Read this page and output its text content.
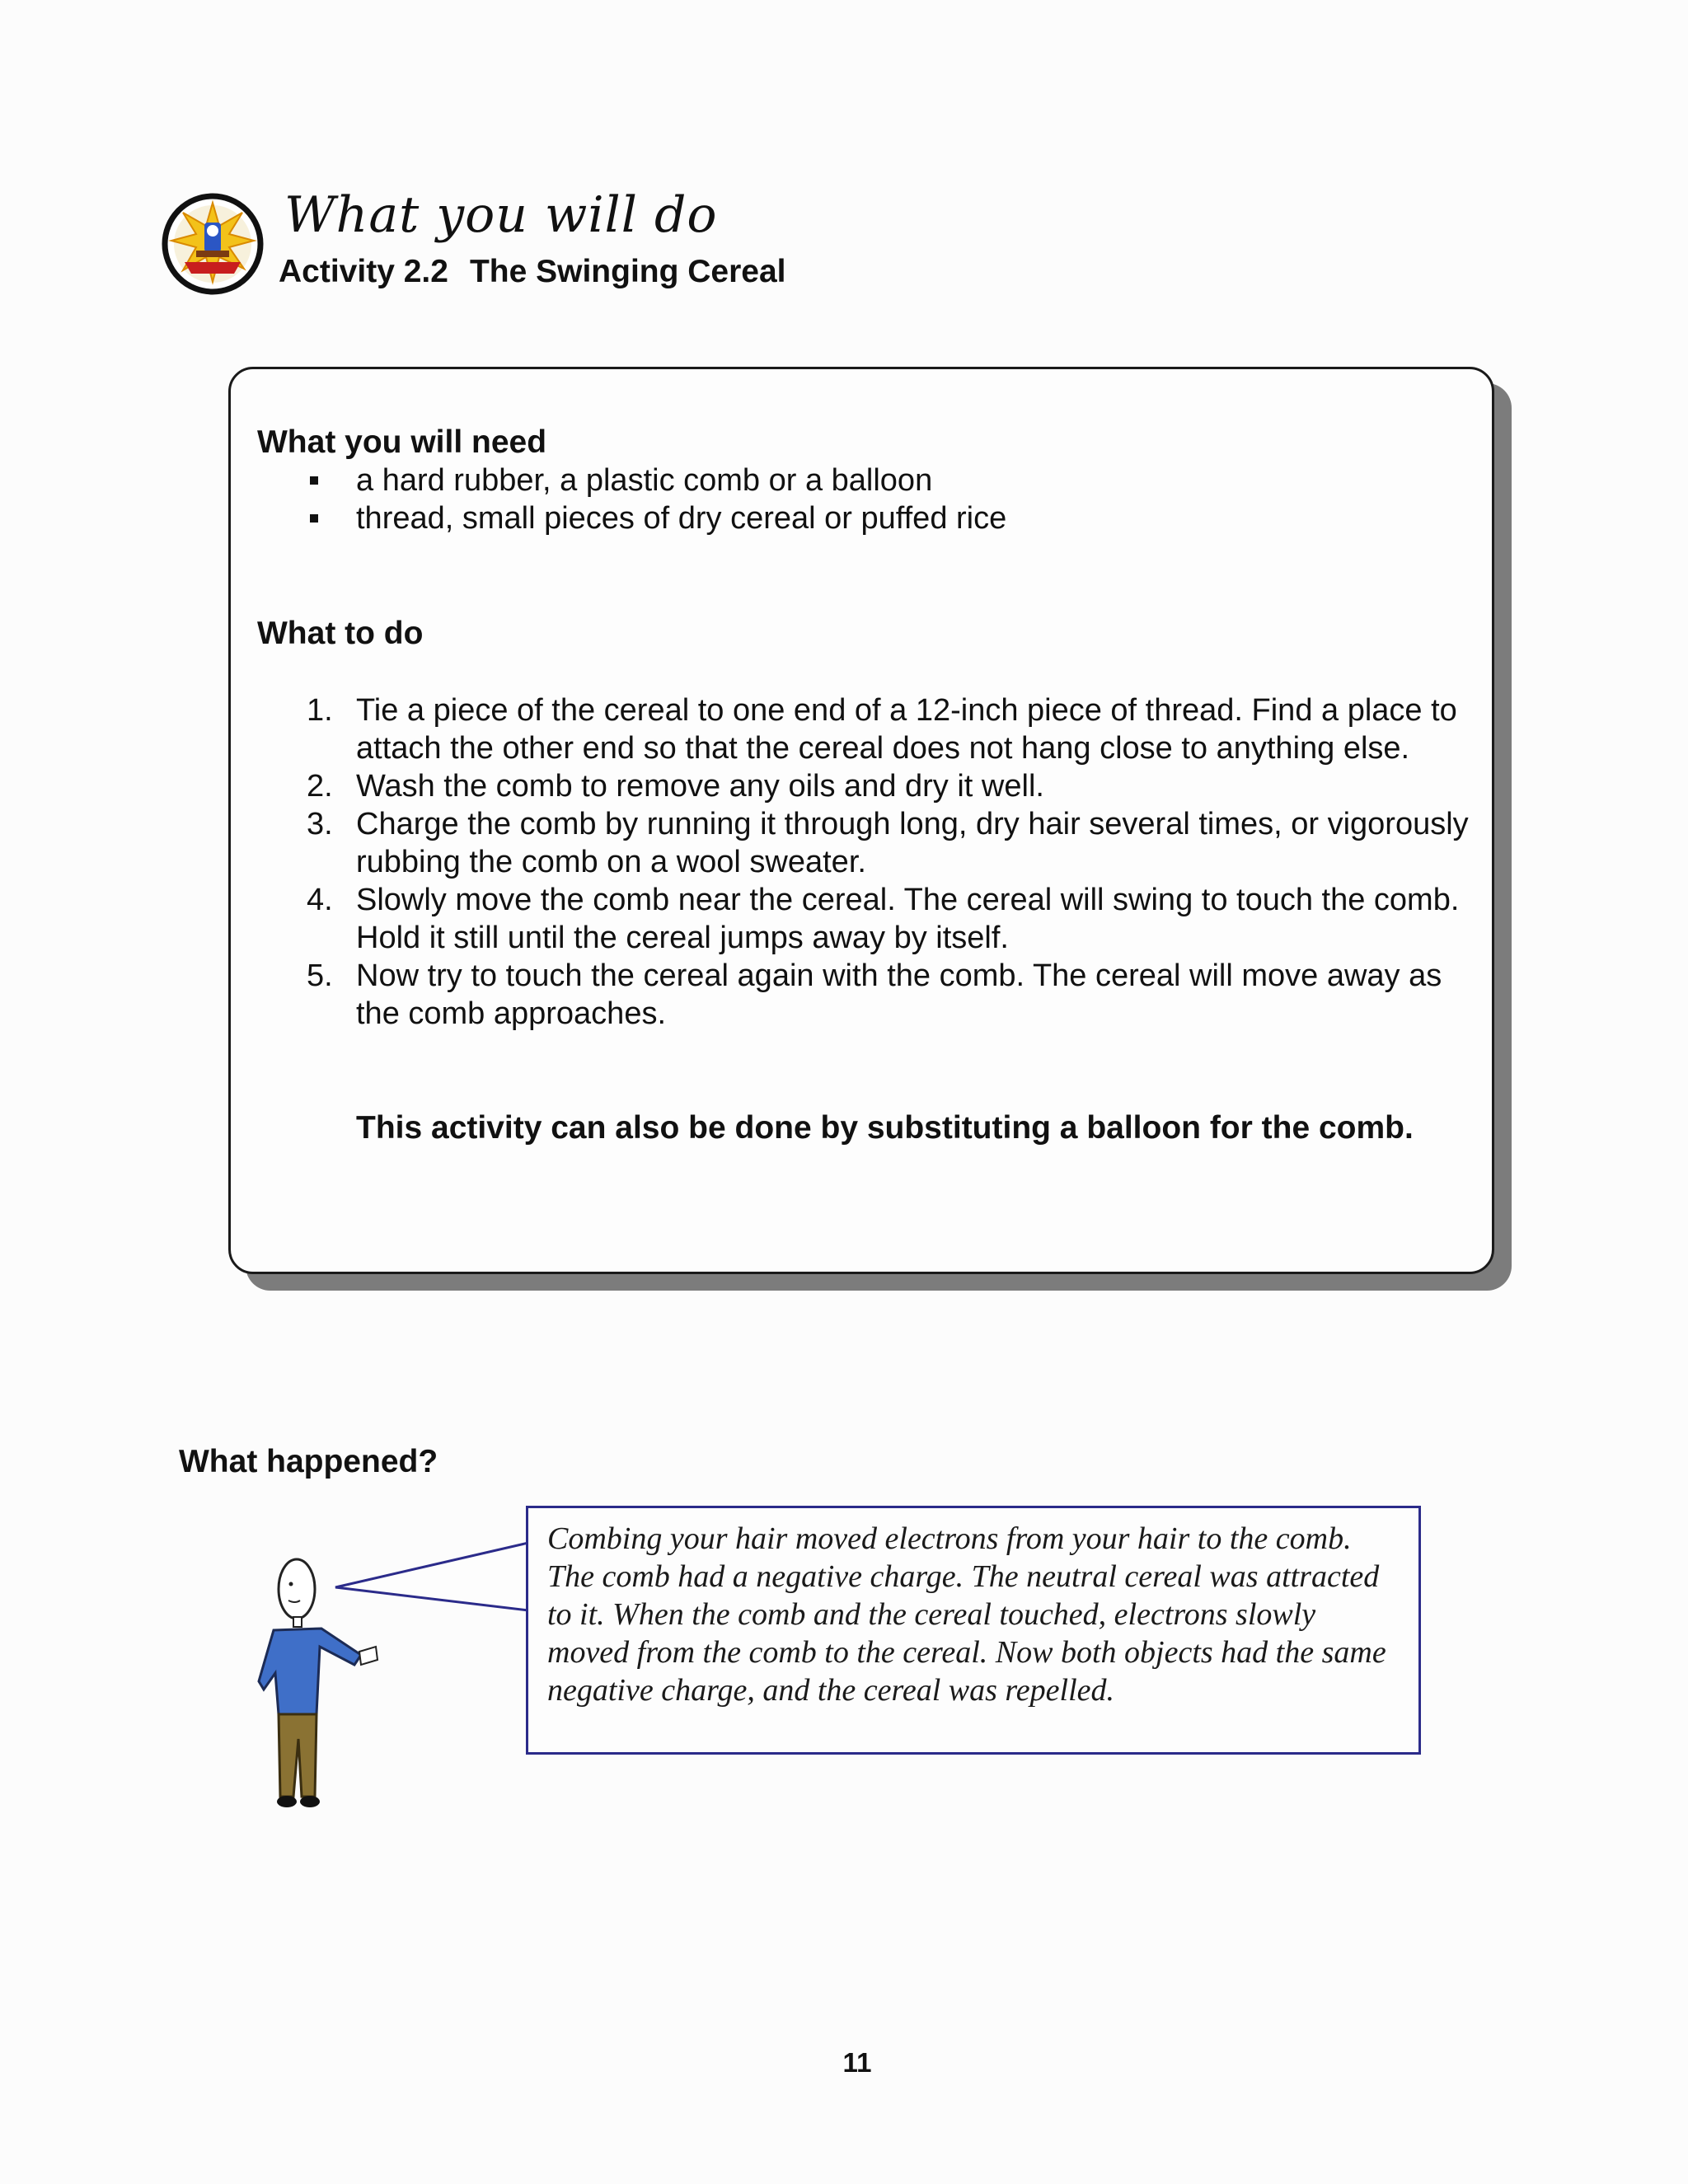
What you will do
Activity 2.2 The Swinging Cereal
What you will need
a hard rubber, a plastic comb or a balloon
thread, small pieces of dry cereal or puffed rice
What to do
1. Tie a piece of the cereal to one end of a 12-inch piece of thread. Find a place to attach the other end so that the cereal does not hang close to anything else.
2. Wash the comb to remove any oils and dry it well.
3. Charge the comb by running it through long, dry hair several times, or vigorously rubbing the comb on a wool sweater.
4. Slowly move the comb near the cereal. The cereal will swing to touch the comb. Hold it still until the cereal jumps away by itself.
5. Now try to touch the cereal again with the comb. The cereal will move away as the comb approaches.
This activity can also be done by substituting a balloon for the comb.
What happened?
Combing your hair moved electrons from your hair to the comb. The comb had a negative charge. The neutral cereal was attracted to it. When the comb and the cereal touched, electrons slowly moved from the comb to the cereal. Now both objects had the same negative charge, and the cereal was repelled.
11
